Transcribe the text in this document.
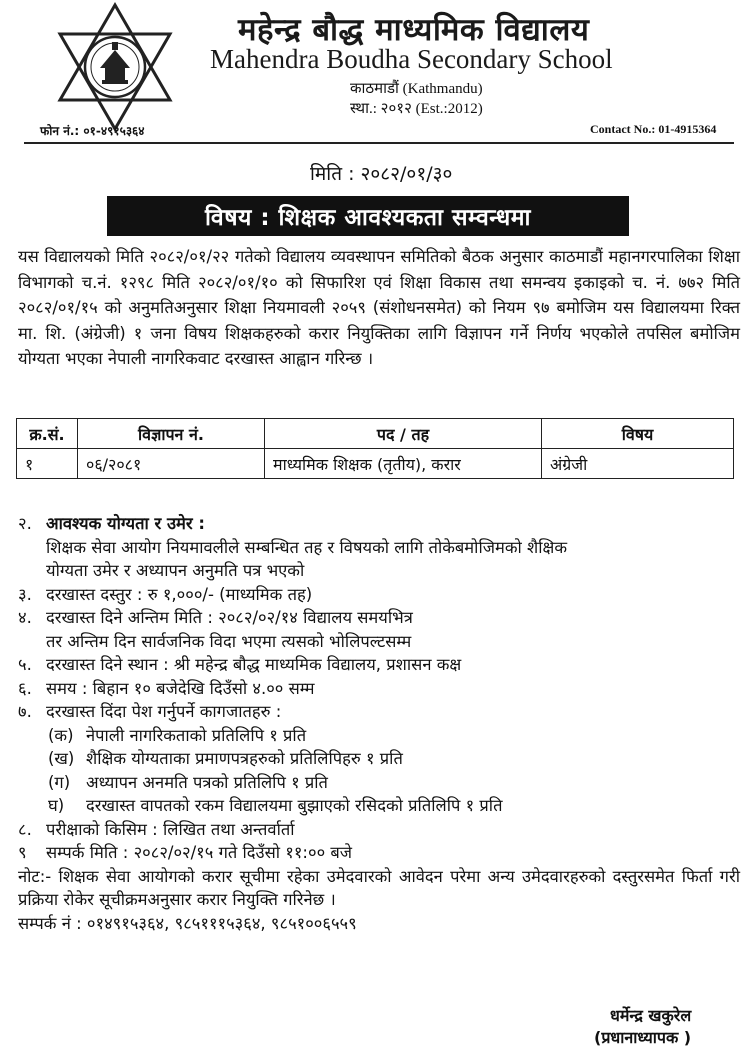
महेन्द्र बौद्ध माध्यमिक विद्यालय
Mahendra Boudha Secondary School
काठमाडौं (Kathmandu)
स्था.: २०१२ (Est.:2012)
फोन नं.: ०१-४९१५३६४	Contact No.: 01-4915364
मिति : २०८२/०१/३०
विषय : शिक्षक आवश्यकता सम्वन्धमा

यस विद्यालयको मिति २०८२/०१/२२ गतेको विद्यालय व्यवस्थापन समितिको बैठक अनुसार काठमाडौं महानगरपालिका शिक्षा विभागको च.नं. १२९८ मिति २०८२/०१/१० को सिफारिश एवं शिक्षा विकास तथा समन्वय इकाइको च. नं. ७७२ मिति २०८२/०१/१५ को अनुमतिअनुसार शिक्षा नियमावली २०५९ (संशोधनसमेत) को नियम ९७ बमोजिम यस विद्यालयमा रिक्त मा. शि. (अंग्रेजी) १ जना विषय शिक्षकहरुको करार नियुक्तिका लागि विज्ञापन गर्ने निर्णय भएकोले तपसिल बमोजिम योग्यता भएका नेपाली नागरिकवाट दरखास्त आह्वान गरिन्छ ।

क्र.सं.	विज्ञापन नं.	पद / तह	विषय
१	०६/२०८१	माध्यमिक शिक्षक (तृतीय), करार	अंग्रेजी
२. आवश्यक योग्यता र उमेर :
शिक्षक सेवा आयोग नियमावलीले सम्बन्धित तह र विषयको लागि तोकेबमोजिमको शैक्षिक
योग्यता उमेर र अध्यापन अनुमति पत्र भएको
३. दरखास्त दस्तुर : रु १,०००/- (माध्यमिक तह)
४. दरखास्त दिने अन्तिम मिति : २०८२/०२/१४ विद्यालय समयभित्र
तर अन्तिम दिन सार्वजनिक विदा भएमा त्यसको भोलिपल्टसम्म
५. दरखास्त दिने स्थान : श्री महेन्द्र बौद्ध माध्यमिक विद्यालय, प्रशासन कक्ष
६. समय : बिहान १० बजेदेखि दिउँसो ४.०० सम्म
७. दरखास्त दिंदा पेश गर्नुपर्ने कागजातहरु :
(क) नेपाली नागरिकताको प्रतिलिपि १ प्रति
(ख) शैक्षिक योग्यताका प्रमाणपत्रहरुको प्रतिलिपिहरु १ प्रति
(ग) अध्यापन अनमति पत्रको प्रतिलिपि १ प्रति
घ)	दरखास्त वापतको रकम विद्यालयमा बुझाएको रसिदको प्रतिलिपि १ प्रति
८. परीक्षाको किसिम : लिखित तथा अन्तर्वार्ता
९	सम्पर्क मिति : २०८२/०२/१५ गते दिउँसो ११:०० बजे
नोट:- शिक्षक सेवा आयोगको करार सूचीमा रहेका उमेदवारको आवेदन परेमा अन्य उमेदवारहरुको दस्तुरसमेत फिर्ता गरी प्रक्रिया रोकेर सूचीक्रमअनुसार करार नियुक्ति गरिनेछ ।
सम्पर्क नं : ०१४९१५३६४, ९८५१११५३६४, ९८५१००६५५९
धर्मेन्द्र खकुरेल
(प्रधानाध्यापक )
